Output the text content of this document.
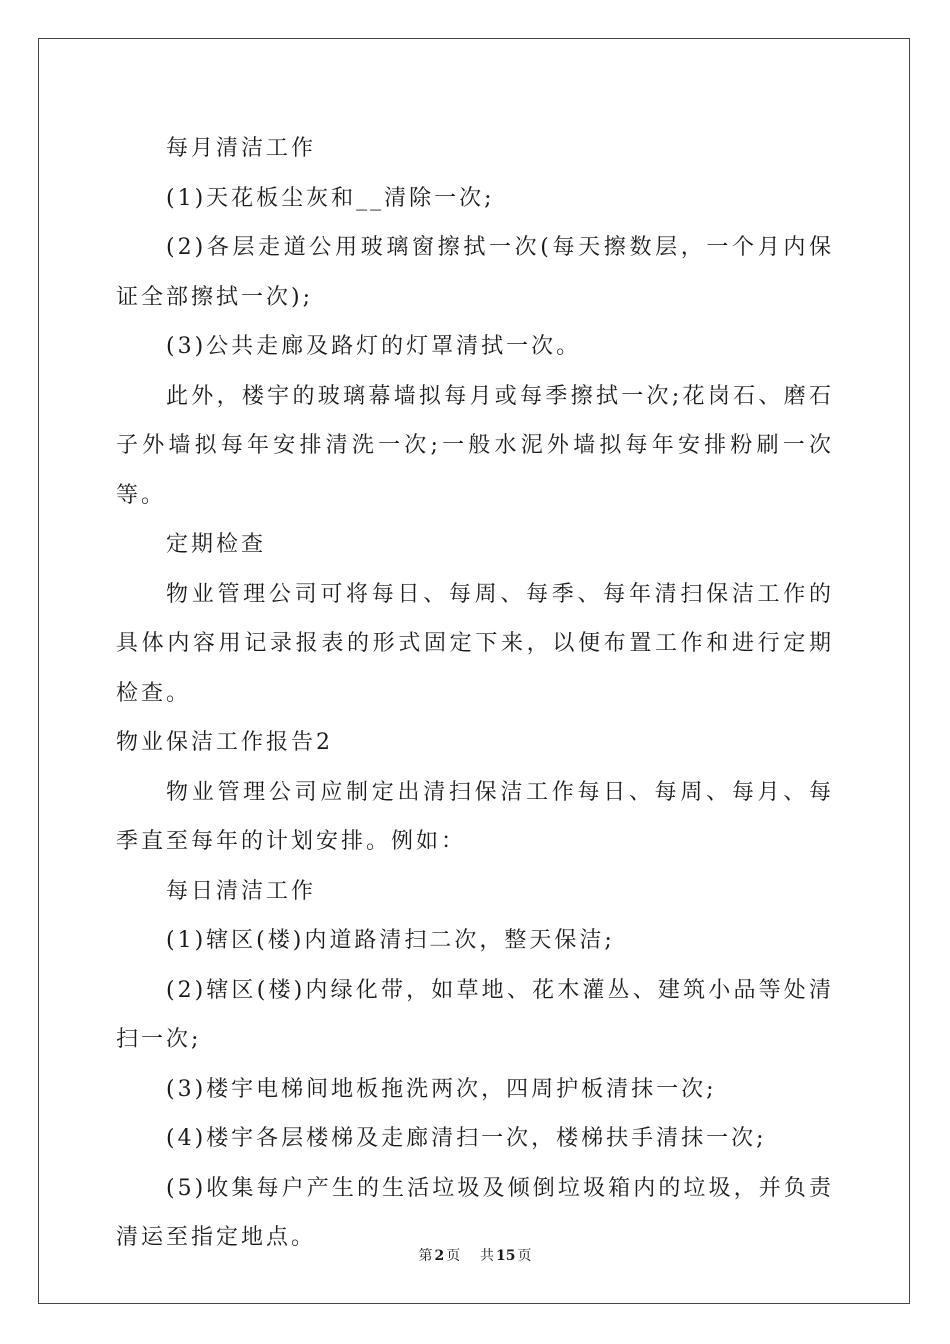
每月清洁工作

(1)天花板尘灰和__清除一次;

(2)各层走道公用玻璃窗擦拭一次(每天擦数层，一个月内保证全部擦拭一次);

(3)公共走廊及路灯的灯罩清拭一次。

此外，楼宇的玻璃幕墙拟每月或每季擦拭一次;花岗石、磨石子外墙拟每年安排清洗一次;一般水泥外墙拟每年安排粉刷一次等。

定期检查

物业管理公司可将每日、每周、每季、每年清扫保洁工作的具体内容用记录报表的形式固定下来，以便布置工作和进行定期检查。

物业保洁工作报告2

物业管理公司应制定出清扫保洁工作每日、每周、每月、每季直至每年的计划安排。例如：

每日清洁工作

(1)辖区(楼)内道路清扫二次，整天保洁;

(2)辖区(楼)内绿化带，如草地、花木灌丛、建筑小品等处清扫一次;

(3)楼宇电梯间地板拖洗两次，四周护板清抹一次;

(4)楼宇各层楼梯及走廊清扫一次，楼梯扶手清抹一次;

(5)收集每户产生的生活垃圾及倾倒垃圾箱内的垃圾，并负责清运至指定地点。

第 2 页 共 15 页
